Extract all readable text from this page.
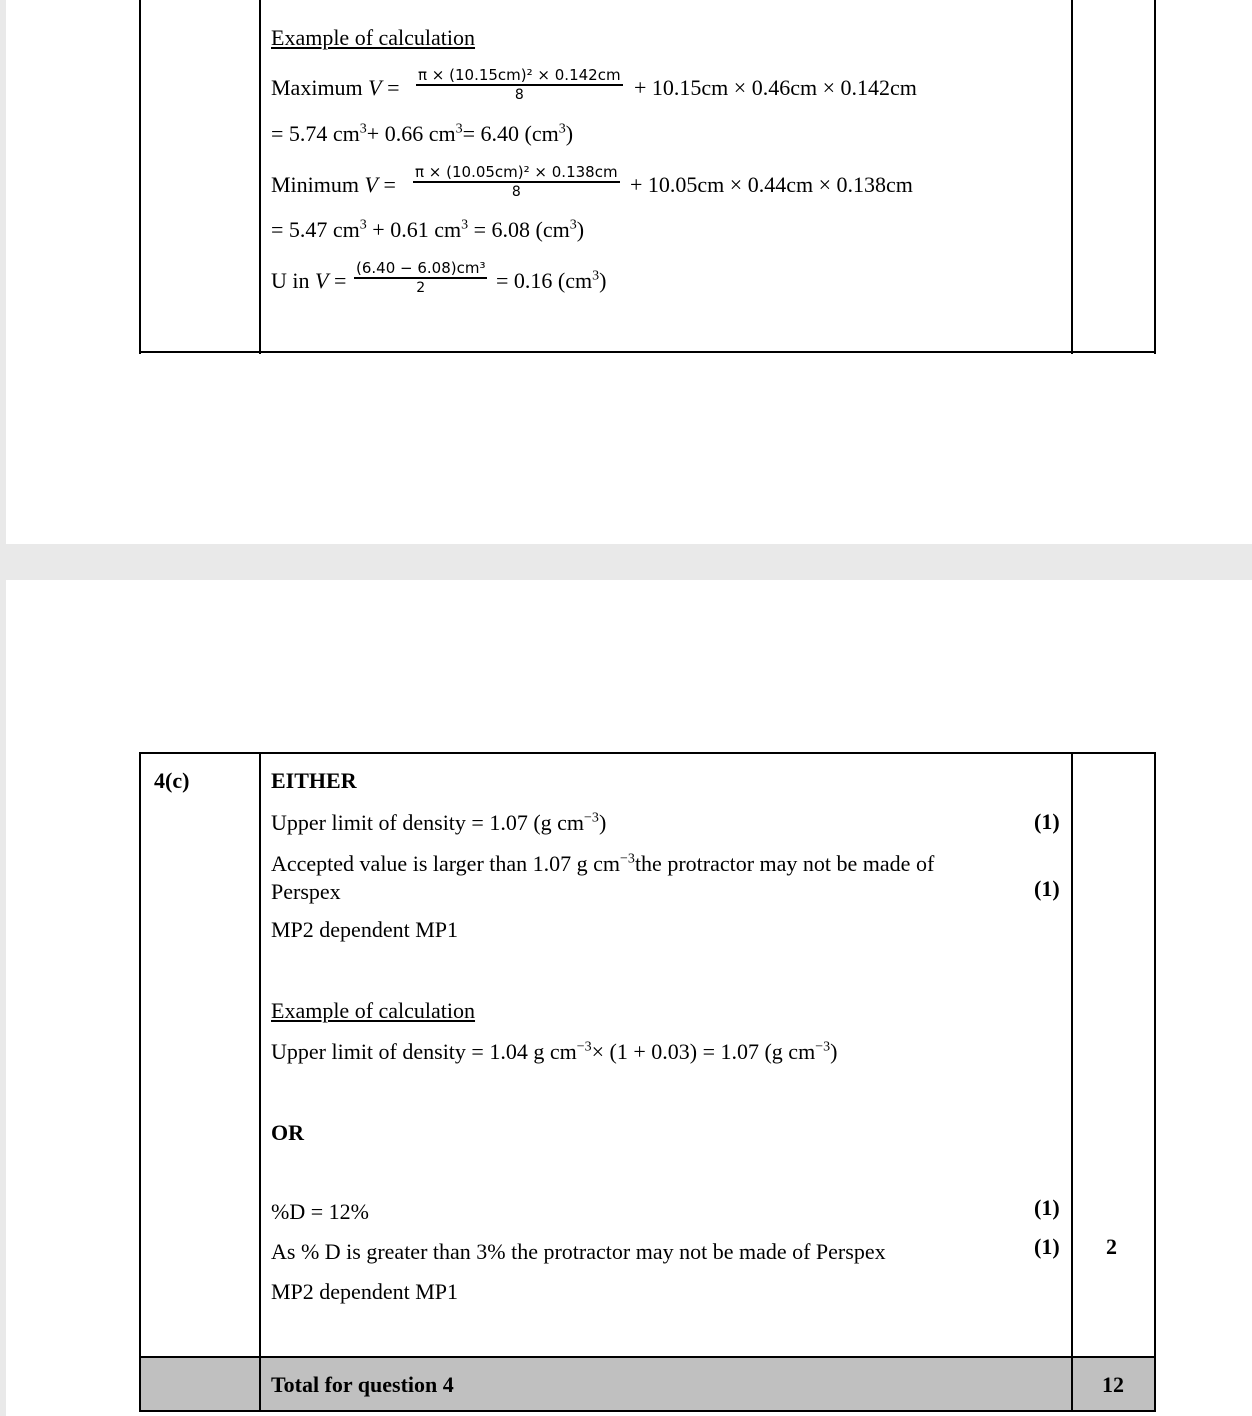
Example of calculation
Maximum V = π × (10.15cm)² × 0.142cm
8	+ 10.15cm × 0.46cm × 0.142cm
= 5.74 $cm^3+ 0.66$ $cm^3= 6.40$ $(cm^3)$
Minimum V = π × (10.05cm)² × 0.138cm
8	+ 10.05cm × 0.44cm × 0.138cm
= 5.47 $cm^3 + 0.61$ $cm^3 = 6.08$ $(cm^3)$
U in V = (6.40 − 6.08)cm³
2	= 0.16 $(cm^3)$
4(c)	EITHER
Upper limit of density = 1.07 (g $cm^{-3}$)	(1)
Accepted value is larger than 1.07 g $cm^{-3}the$ protractor may not be made of
Perspex	(1)
MP2 dependent MP1
Example of calculation
Upper limit of density = 1.04 g $cm^{-3}\times (1 + 0.03) = 1.07$ (g $cm^{-3}$)
OR
%D = 12%	(1)
As % D is greater than 3% the protractor may not be made of Perspex	(1) 2
MP2 dependent MP1
Total for question 4	12
